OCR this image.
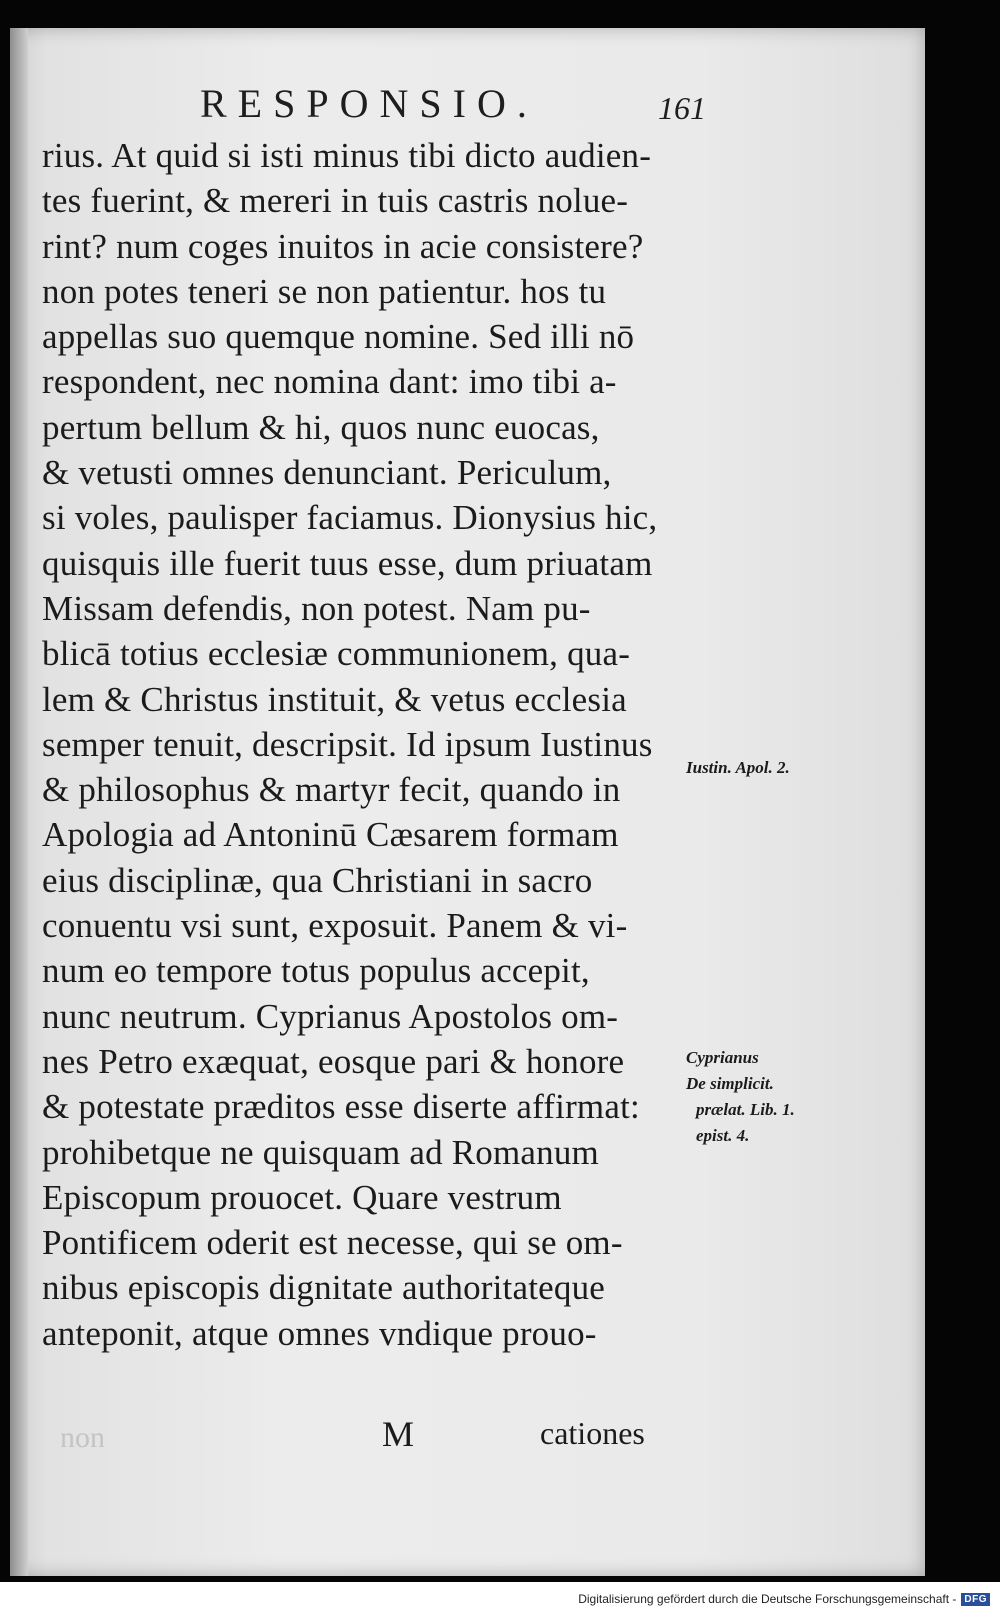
RESPONSIO.	161
rius. At quid si isti minus tibi dicto audien-
tes fuerint, & mereri in tuis castris nolue-
rint? num coges inuitos in acie consistere?
non potes teneri se non patientur. hos tu
appellas suo quemque nomine. Sed illi nō
respondent, nec nomina dant: imo tibi a-
pertum bellum & hi, quos nunc euocas,
& vetusti omnes denunciant. Periculum,
si voles, paulisper faciamus. Dionysius hic,
quisquis ille fuerit tuus esse, dum priuatam
Missam defendis, non potest. Nam pu-
blicā totius ecclesiæ communionem, qua-
lem & Christus instituit, & vetus ecclesia
semper tenuit, descripsit. Id ipsum Iustinus
& philosophus & martyr fecit, quando in
Apologia ad Antoninū Cæsarem formam
eius disciplinæ, qua Christiani in sacro
conuentu vsi sunt, exposuit. Panem & vi-
num eo tempore totus populus accepit,
nunc neutrum. Cyprianus Apostolos om-
nes Petro exæquat, eosque pari & honore
& potestate præditos esse diserte affirmat:
prohibetque ne quisquam ad Romanum
Episcopum prouocet. Quare vestrum
Pontificem oderit est necesse, qui se om-
nibus episcopis dignitate authoritateque
anteponit, atque omnes vndique prouo-
Iustin. Apol. 2.
Cyprianus
De simplicit.
prælat. Lib. 1.
epist. 4.
non	M	cationes
Digitalisierung gefördert durch die Deutsche Forschungsgemeinschaft - DFG
